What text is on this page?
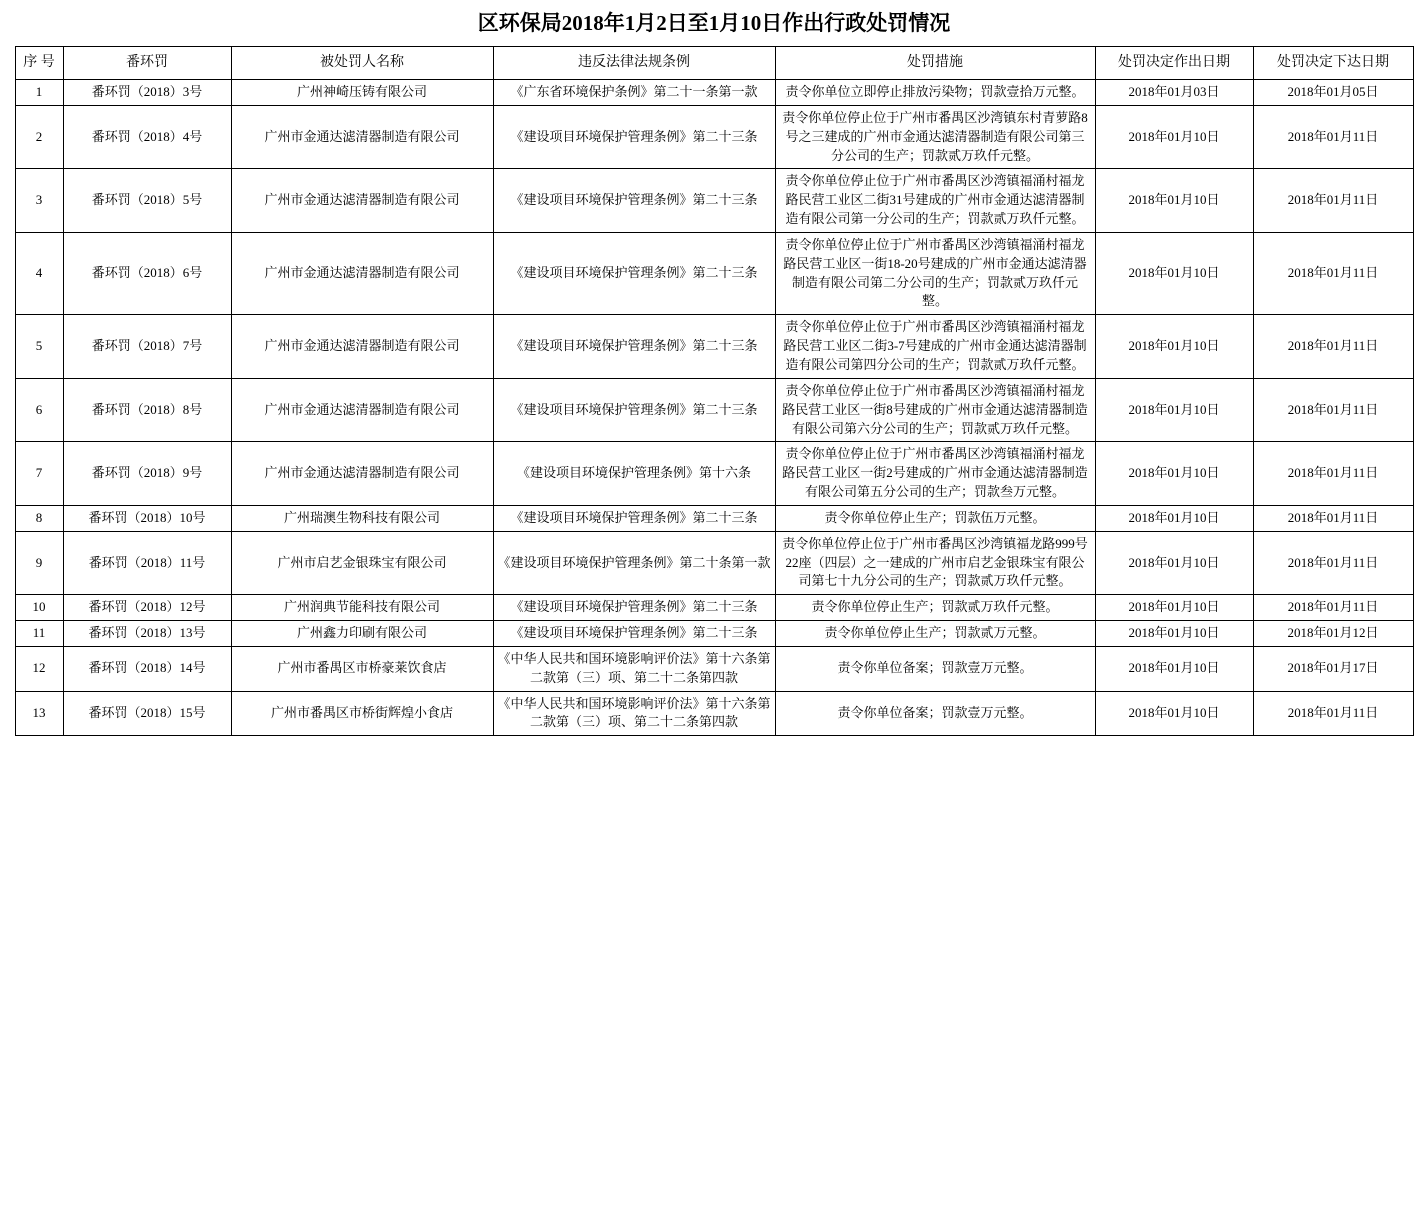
区环保局2018年1月2日至1月10日作出行政处罚情况
序 号	番环罚	被处罚人名称	违反法律法规条例	处罚措施	处罚决定作出日期	处罚决定下达日期
1	番环罚（2018）3号	广州神崎压铸有限公司	《广东省环境保护条例》第二十一条第一款	责令你单位立即停止排放污染物；罚款壹拾万元整。	2018年01月03日	2018年01月05日
2	番环罚（2018）4号	广州市金通达滤清器制造有限公司	《建设项目环境保护管理条例》第二十三条	责令你单位停止位于广州市番禺区沙湾镇东村青萝路8号之三建成的广州市金通达滤清器制造有限公司第三分公司的生产；罚款贰万玖仟元整。	2018年01月10日	2018年01月11日
3	番环罚（2018）5号	广州市金通达滤清器制造有限公司	《建设项目环境保护管理条例》第二十三条	责令你单位停止位于广州市番禺区沙湾镇福涌村福龙路民营工业区二街31号建成的广州市金通达滤清器制造有限公司第一分公司的生产；罚款贰万玖仟元整。	2018年01月10日	2018年01月11日
4	番环罚（2018）6号	广州市金通达滤清器制造有限公司	《建设项目环境保护管理条例》第二十三条	责令你单位停止位于广州市番禺区沙湾镇福涌村福龙路民营工业区一街18-20号建成的广州市金通达滤清器制造有限公司第二分公司的生产；罚款贰万玖仟元整。	2018年01月10日	2018年01月11日
5	番环罚（2018）7号	广州市金通达滤清器制造有限公司	《建设项目环境保护管理条例》第二十三条	责令你单位停止位于广州市番禺区沙湾镇福涌村福龙路民营工业区二街3-7号建成的广州市金通达滤清器制造有限公司第四分公司的生产；罚款贰万玖仟元整。	2018年01月10日	2018年01月11日
6	番环罚（2018）8号	广州市金通达滤清器制造有限公司	《建设项目环境保护管理条例》第二十三条	责令你单位停止位于广州市番禺区沙湾镇福涌村福龙路民营工业区一街8号建成的广州市金通达滤清器制造有限公司第六分公司的生产；罚款贰万玖仟元整。	2018年01月10日	2018年01月11日
7	番环罚（2018）9号	广州市金通达滤清器制造有限公司	《建设项目环境保护管理条例》第十六条	责令你单位停止位于广州市番禺区沙湾镇福涌村福龙路民营工业区一街2号建成的广州市金通达滤清器制造有限公司第五分公司的生产；罚款叁万元整。	2018年01月10日	2018年01月11日
8	番环罚（2018）10号	广州瑞澳生物科技有限公司	《建设项目环境保护管理条例》第二十三条	责令你单位停止生产；罚款伍万元整。	2018年01月10日	2018年01月11日
9	番环罚（2018）11号	广州市启艺金银珠宝有限公司	《建设项目环境保护管理条例》第二十条第一款	责令你单位停止位于广州市番禺区沙湾镇福龙路999号22座（四层）之一建成的广州市启艺金银珠宝有限公司第七十九分公司的生产；罚款贰万玖仟元整。	2018年01月10日	2018年01月11日
10	番环罚（2018）12号	广州润典节能科技有限公司	《建设项目环境保护管理条例》第二十三条	责令你单位停止生产；罚款贰万玖仟元整。	2018年01月10日	2018年01月11日
11	番环罚（2018）13号	广州鑫力印刷有限公司	《建设项目环境保护管理条例》第二十三条	责令你单位停止生产；罚款贰万元整。	2018年01月10日	2018年01月12日
12	番环罚（2018）14号	广州市番禺区市桥豪莱饮食店	《中华人民共和国环境影响评价法》第十六条第二款第（三）项、第二十二条第四款	责令你单位备案；罚款壹万元整。	2018年01月10日	2018年01月17日
13	番环罚（2018）15号	广州市番禺区市桥街辉煌小食店	《中华人民共和国环境影响评价法》第十六条第二款第（三）项、第二十二条第四款	责令你单位备案；罚款壹万元整。	2018年01月10日	2018年01月11日
